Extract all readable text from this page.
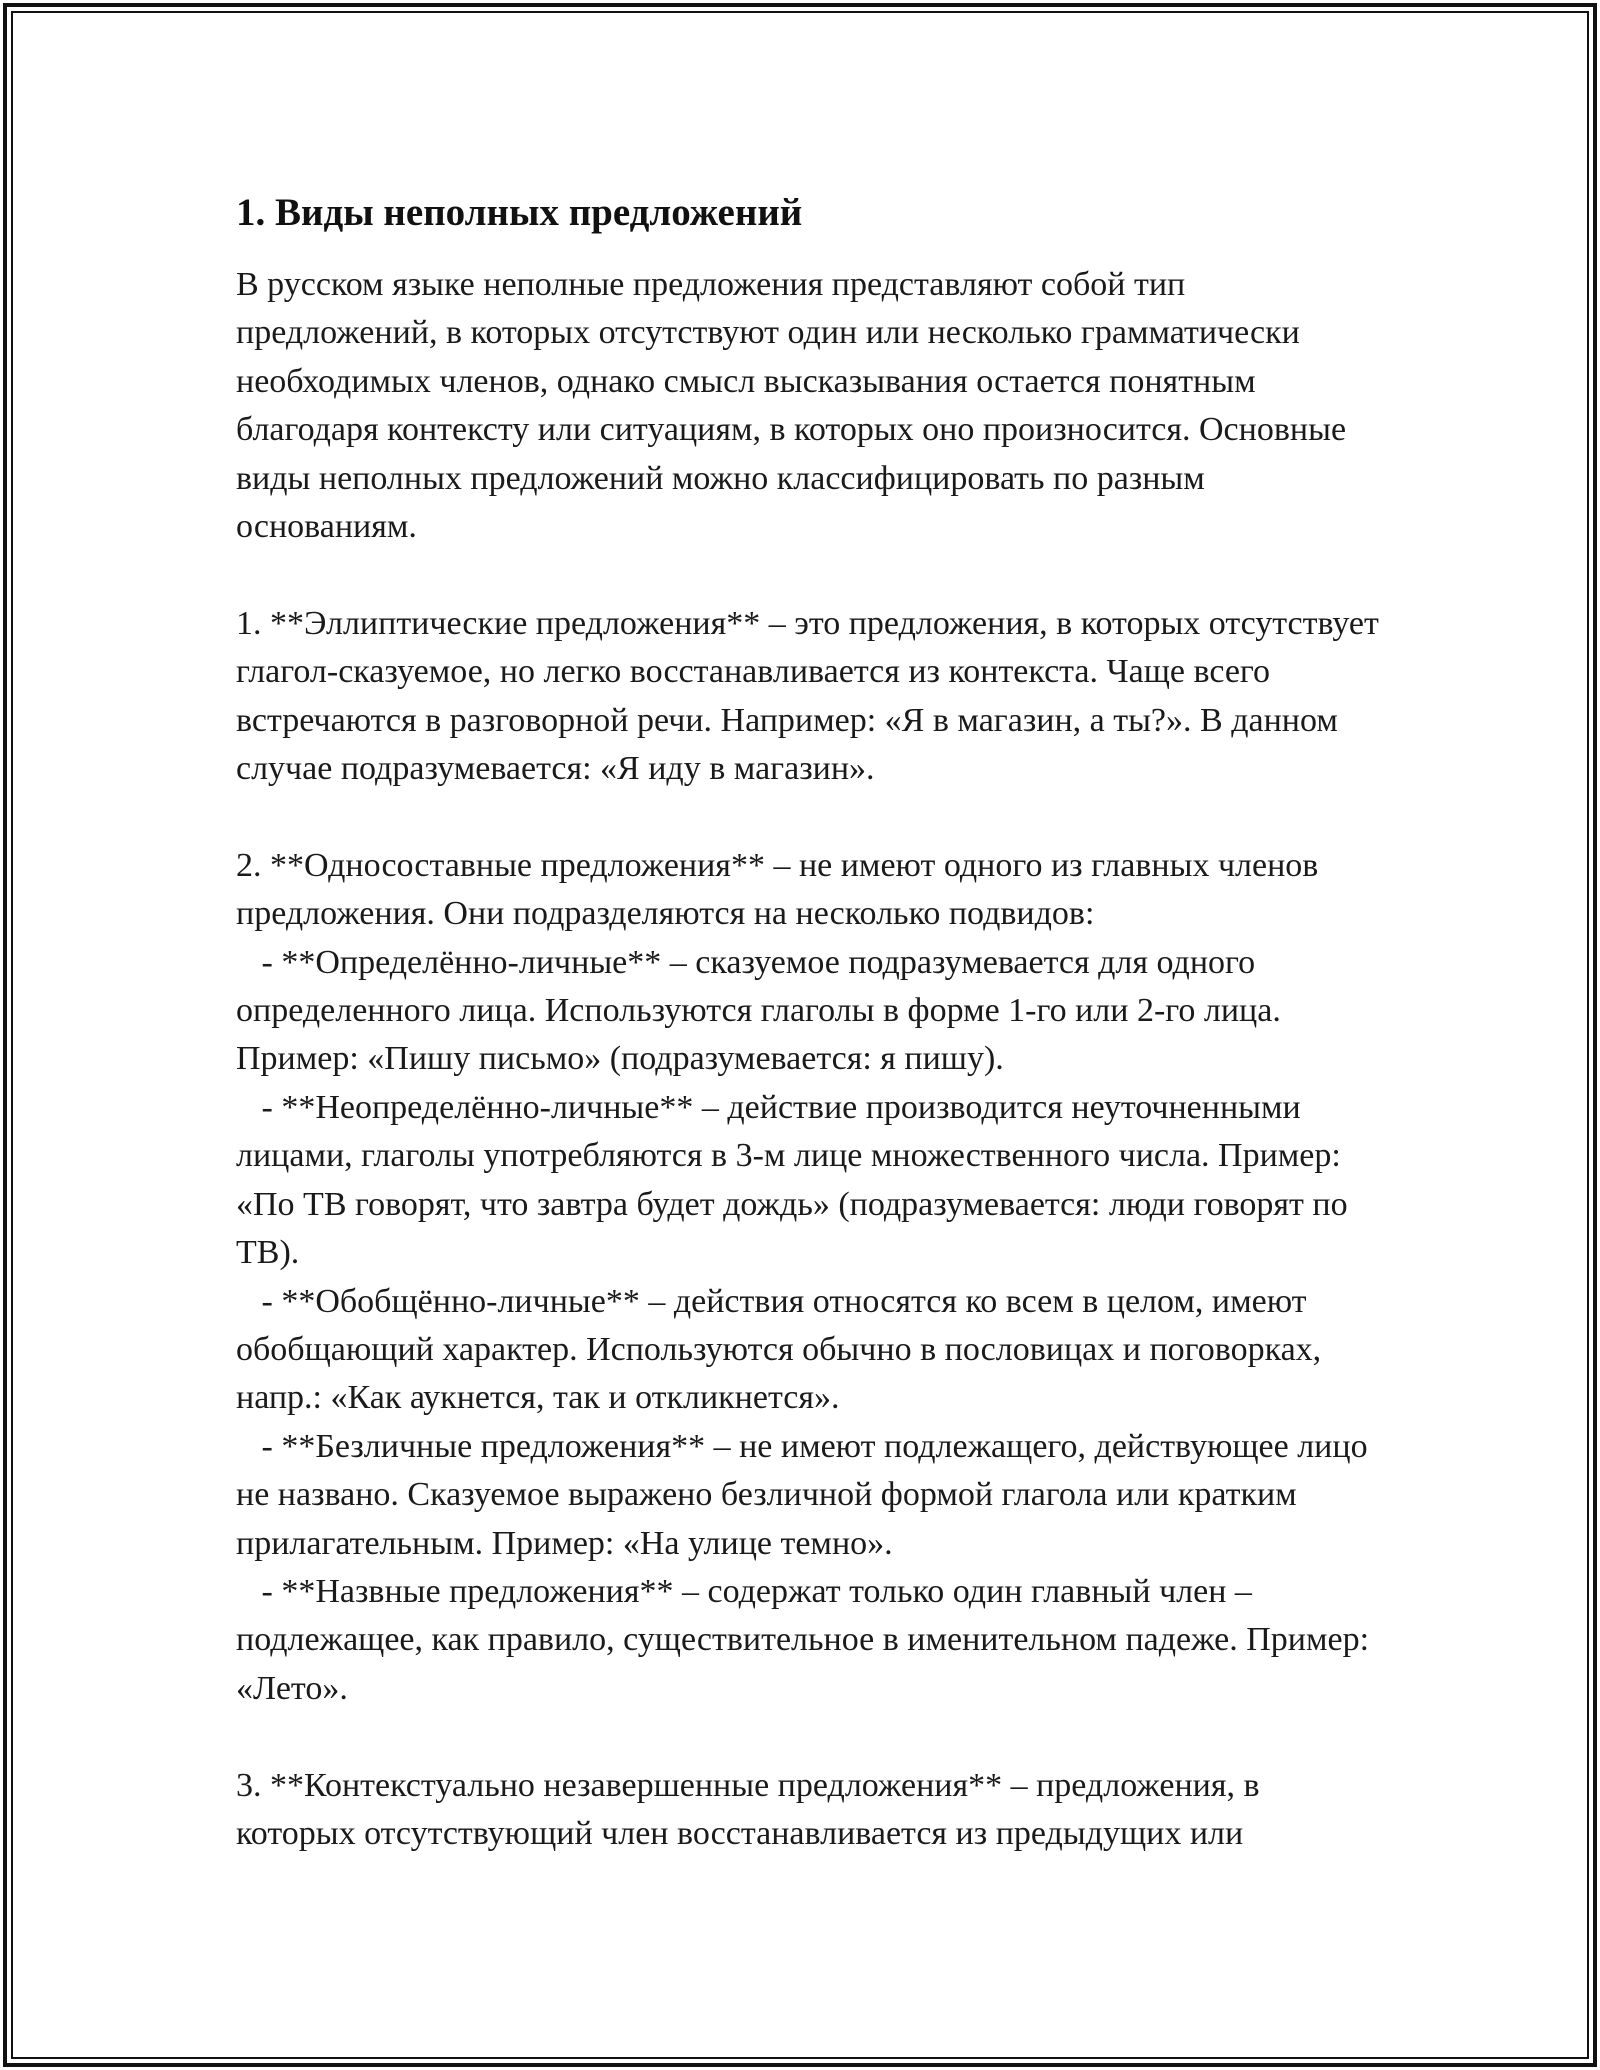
1. Виды неполных предложений

В русском языке неполные предложения представляют собой тип предложений, в которых отсутствуют один или несколько грамматически необходимых членов, однако смысл высказывания остается понятным благодаря контексту или ситуациям, в которых оно произносится. Основные виды неполных предложений можно классифицировать по разным основаниям.

1. **Эллиптические предложения** – это предложения, в которых отсутствует глагол-сказуемое, но легко восстанавливается из контекста. Чаще всего встречаются в разговорной речи. Например: «Я в магазин, а ты?». В данном случае подразумевается: «Я иду в магазин».

2. **Односоставные предложения** – не имеют одного из главных членов предложения. Они подразделяются на несколько подвидов:

- **Определённо-личные** – сказуемое подразумевается для одного определенного лица. Используются глаголы в форме 1-го или 2-го лица. Пример: «Пишу письмо» (подразумевается: я пишу).

- **Неопределённо-личные** – действие производится неуточненными лицами, глаголы употребляются в 3-м лице множественного числа. Пример: «По ТВ говорят, что завтра будет дождь» (подразумевается: люди говорят по ТВ).

- **Обобщённо-личные** – действия относятся ко всем в целом, имеют обобщающий характер. Используются обычно в пословицах и поговорках, напр.: «Как аукнется, так и откликнется».

- **Безличные предложения** – не имеют подлежащего, действующее лицо не названо. Сказуемое выражено безличной формой глагола или кратким прилагательным. Пример: «На улице темно».

- **Назвные предложения** – содержат только один главный член – подлежащее, как правило, существительное в именительном падеже. Пример: «Лето».

3. **Контекстуально незавершенные предложения** – предложения, в которых отсутствующий член восстанавливается из предыдущих или
